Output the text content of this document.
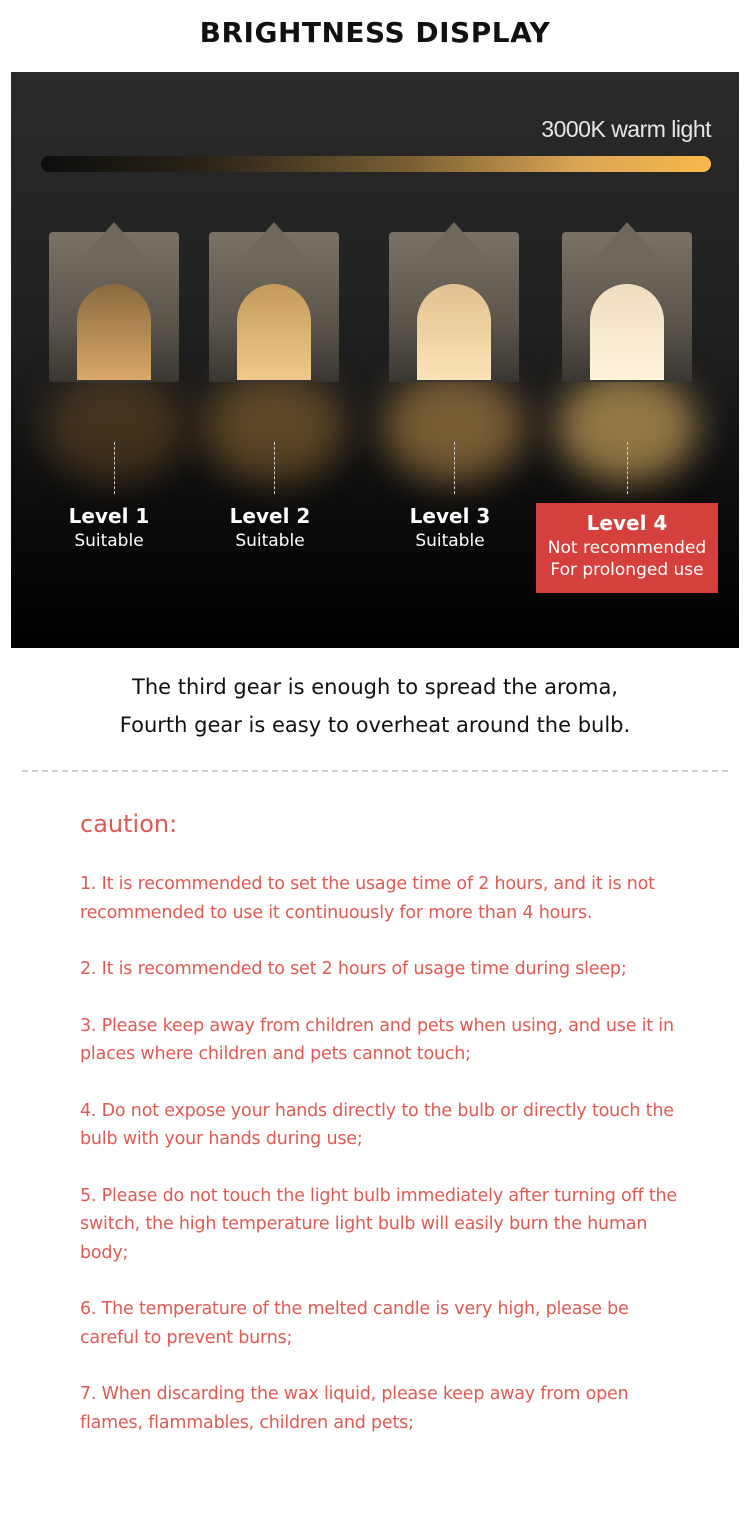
BRIGHTNESS DISPLAY
3000K warm light
Level 1
Suitable
Level 2
Suitable
Level 3
Suitable
Level 4
Not recommended
For prolonged use
The third gear is enough to spread the aroma,
Fourth gear is easy to overheat around the bulb.
caution:
1. It is recommended to set the usage time of 2 hours, and it is not recommended to use it continuously for more than 4 hours.
2. It is recommended to set 2 hours of usage time during sleep;
3. Please keep away from children and pets when using, and use it in places where children and pets cannot touch;
4. Do not expose your hands directly to the bulb or directly touch the bulb with your hands during use;
5. Please do not touch the light bulb immediately after turning off the switch, the high temperature light bulb will easily burn the human body;
6. The temperature of the melted candle is very high, please be careful to prevent burns;
7. When discarding the wax liquid, please keep away from open flames, flammables, children and pets;
